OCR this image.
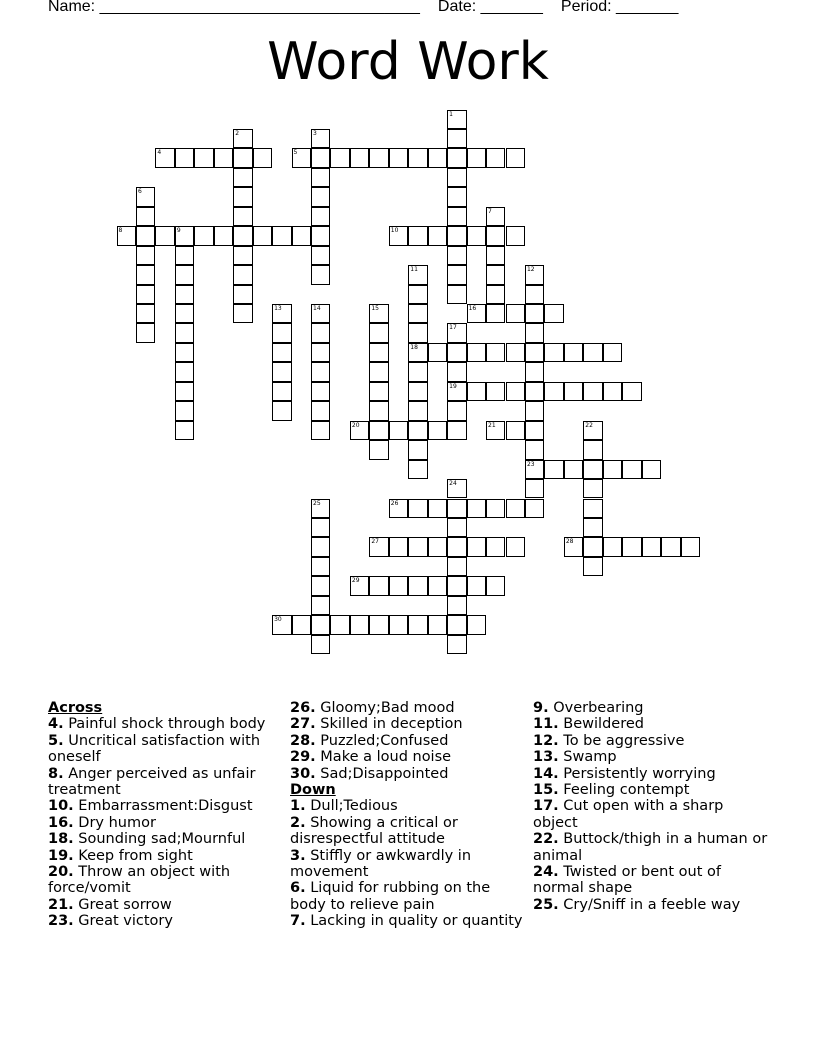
Name: ____________________________________ Date: _______ Period: _______
Word Work
1
2	3
4	5
6
7
8	9	10
11
18
12
23
13	14	15	16
17
19
20	21	22
24
25	26
27	28
29
30
Across
4. Painful shock through body
5. Uncritical satisfaction with oneself
8. Anger perceived as unfair treatment
10. Embarrassment:Disgust
16. Dry humor
18. Sounding sad;Mournful
19. Keep from sight
20. Throw an object with force/vomit
21. Great sorrow
23. Great victory
26. Gloomy;Bad mood
27. Skilled in deception
28. Puzzled;Confused
29. Make a loud noise
30. Sad;Disappointed
Down
1. Dull;Tedious
2. Showing a critical or disrespectful attitude
3. Stiffly or awkwardly in movement
6. Liquid for rubbing on the body to relieve pain
7. Lacking in quality or quantity
9. Overbearing
11. Bewildered
12. To be aggressive
13. Swamp
14. Persistently worrying
15. Feeling contempt
17. Cut open with a sharp object
22. Buttock/thigh in a human or animal
24. Twisted or bent out of normal shape
25. Cry/Sniff in a feeble way
